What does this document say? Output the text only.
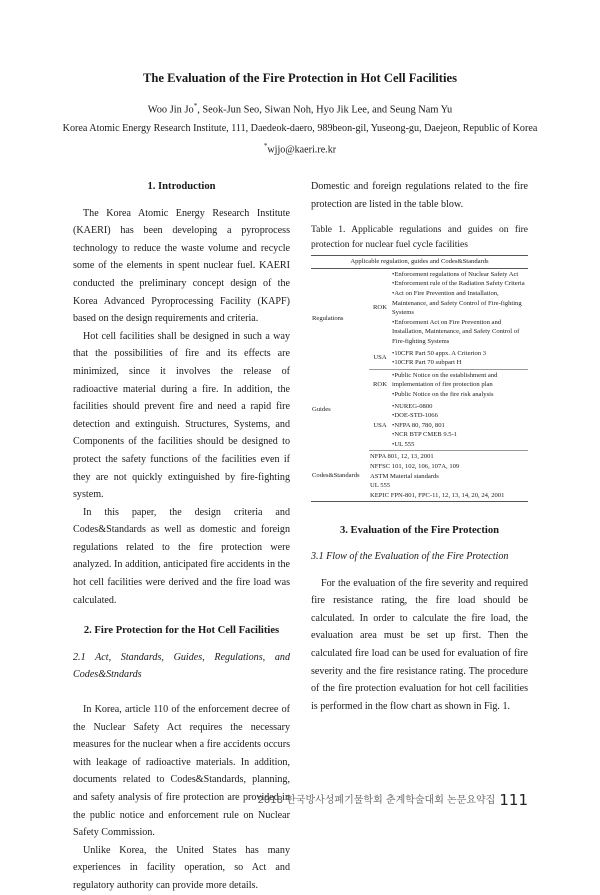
The Evaluation of the Fire Protection in Hot Cell Facilities
Woo Jin Jo*, Seok-Jun Seo, Siwan Noh, Hyo Jik Lee, and Seung Nam Yu
Korea Atomic Energy Research Institute, 111, Daedeok-daero, 989beon-gil, Yuseong-gu, Daejeon, Republic of Korea
*wjjo@kaeri.re.kr
1. Introduction

The Korea Atomic Energy Research Institute (KAERI) has been developing a pyroprocess technology to reduce the waste volume and recycle some of the elements in spent nuclear fuel. KAERI conducted the preliminary concept design of the Korea Advanced Pyroprocessing Facility (KAPF) based on the design requirements and criteria.

Hot cell facilities shall be designed in such a way that the possibilities of fire and its effects are minimized, since it involves the release of radioactive material during a fire. In addition, the facilities should prevent fire and need a rapid fire detection and extinguish. Structures, Systems, and Components of the facilities should be designed to protect the safety functions of the facilities even if they are not quickly extinguished by fire-fighting system.

In this paper, the design criteria and Codes&Standards as well as domestic and foreign regulations related to the fire protection were analyzed. In addition, anticipated fire accidents in the hot cell facilities were derived and the fire load was calculated.

2. Fire Protection for the Hot Cell Facilities
2.1 Act, Standards, Guides, Regulations, and Codes&Stndards

In Korea, article 110 of the enforcement decree of the Nuclear Safety Act requires the necessary measures for the nuclear when a fire accidents occurs with leakage of radioactive materials. In addition, documents related to Codes&Standards, planning, and safety analysis of fire protection are provided in the public notice and enforcement rule on Nuclear Safety Commission.

Unlike Korea, the United States has many experiences in facility operation, so Act and regulatory authority can provide more details.

Domestic and foreign regulations related to the fire protection are listed in the table blow.

Table 1. Applicable regulations and guides on fire protection for nuclear fuel cycle facilities
Applicable regulation, guides and Codes&Standards		
Regulations	ROK	• Enforcement regulations of Nuclear Safety Act
• Enforcement rule of the Radiation Safety Criteria
• Act on Fire Prevention and Installation, Maintenance, and Safety Control of Fire-fighting Systems
• Enforcement Act on Fire Prevention and Installation, Maintenance, and Safety Control of Fire-fighting Systems

	USA	• 10CFR Part 50 appx. A Criterion 3
• 10CFR Part 70 subpart H

Guides	ROK	• Public Notice on the establishment and implementation of fire protection plan
• Public Notice on the fire risk analysis

	USA	• NUREG-0800
• DOE-STD-1066
• NFPA 80, 780, 801
• NCR BTP CMEB 9.5-1
• UL 555

Codes&Standards	NFPA 801, 12, 13, 2001
NFFSC 101, 102, 106, 107A, 109
ASTM Material standards
UL 555
KEPIC FPN-801, FPC-11, 12, 13, 14, 20, 24, 2001	
3. Evaluation of the Fire Protection
3.1 Flow of the Evaluation of the Fire Protection

For the evaluation of the fire severity and required fire resistance rating, the fire load should be calculated. In order to calculate the fire load, the evaluation area must be set up first. Then the calculated fire load can be used for evaluation of fire severity and the fire resistance rating. The procedure of the fire protection evaluation for hot cell facilities is performed in the flow chart as shown in Fig. 1.

2018 한국방사성폐기물학회 춘계학술대회 논문요약집 111
